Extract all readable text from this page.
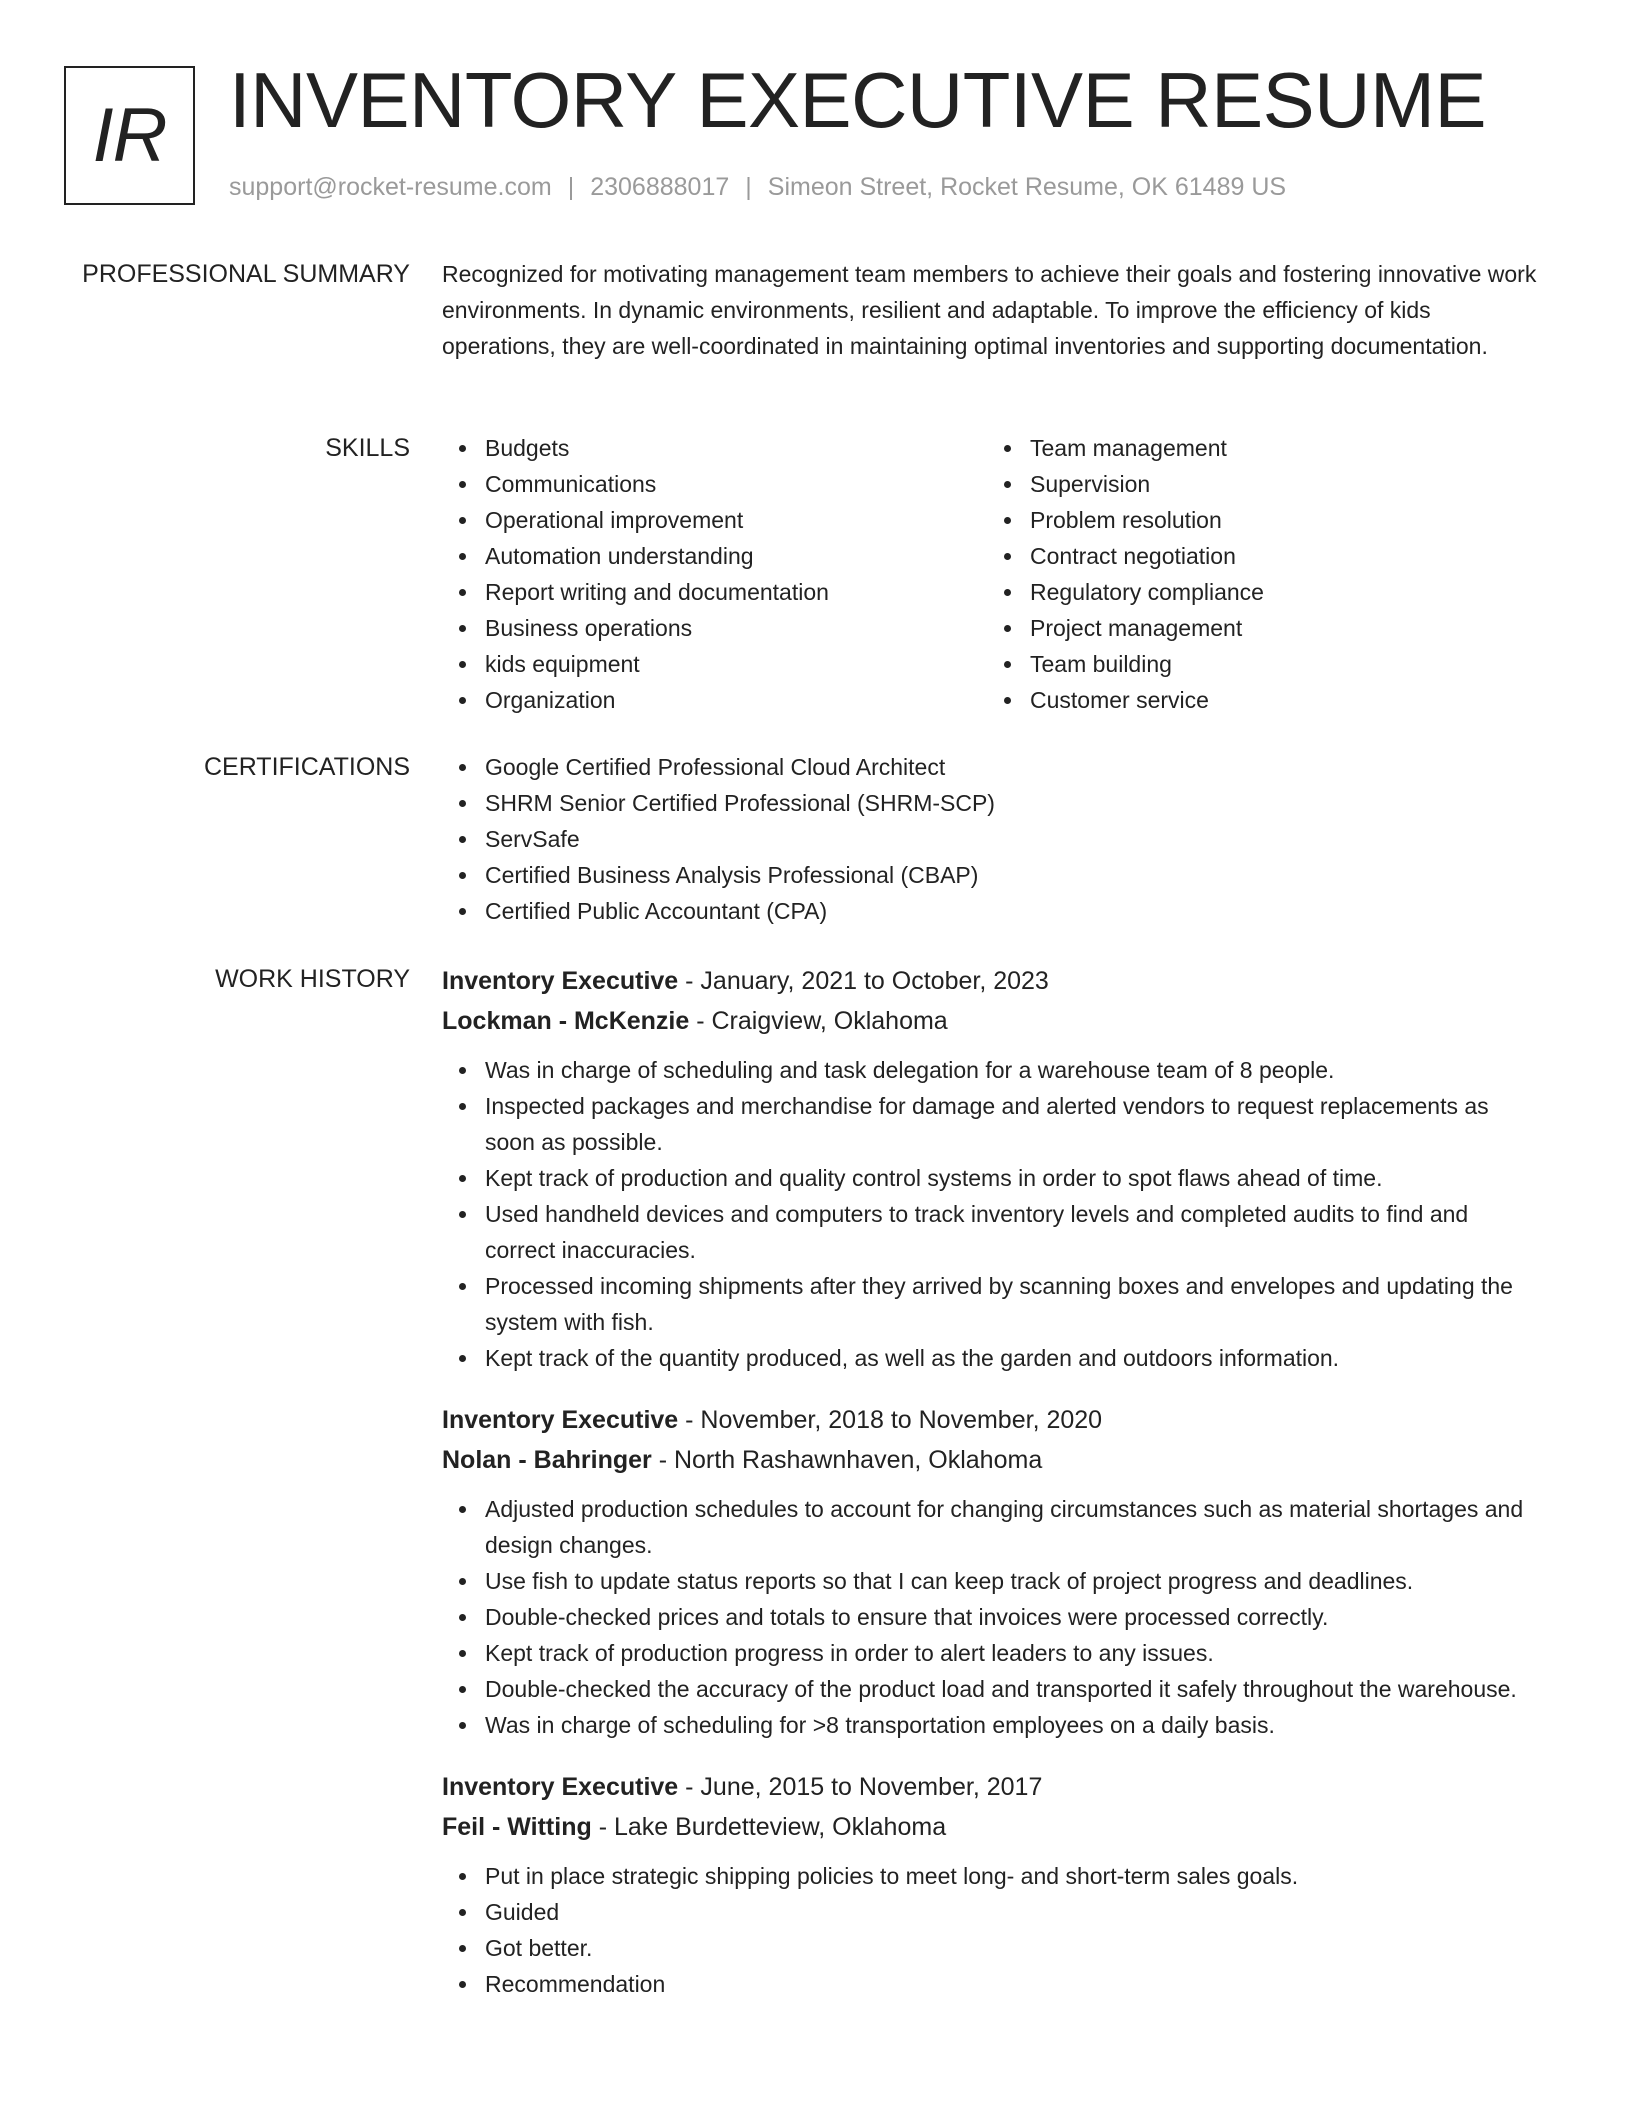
IR INVENTORY EXECUTIVE RESUME
support@rocket-resume.com | 2306888017 | Simeon Street, Rocket Resume, OK 61489 US
PROFESSIONAL SUMMARY Recognized for motivating management team members to achieve their goals and fostering innovative work environments. In dynamic environments, resilient and adaptable. To improve the efficiency of kids operations, they are well-coordinated in maintaining optimal inventories and supporting documentation.

SKILLS	Budgets
Communications
Operational improvement
Automation understanding
Report writing and documentation
Business operations
kids equipment
Organization
Team management
Supervision
Problem resolution
Contract negotiation
Regulatory compliance
Project management
Team building
Customer service
CERTIFICATIONS	Google Certified Professional Cloud Architect
SHRM Senior Certified Professional (SHRM-SCP)
ServSafe
Certified Business Analysis Professional (CBAP)
Certified Public Accountant (CPA)
WORK HISTORY Inventory Executive - January, 2021 to October, 2023
Lockman - McKenzie - Craigview, Oklahoma
Was in charge of scheduling and task delegation for a warehouse team of 8 people.
Inspected packages and merchandise for damage and alerted vendors to request replacements as soon as possible.
Kept track of production and quality control systems in order to spot flaws ahead of time.
Used handheld devices and computers to track inventory levels and completed audits to find and correct inaccuracies.
Processed incoming shipments after they arrived by scanning boxes and envelopes and updating the system with fish.
Kept track of the quantity produced, as well as the garden and outdoors information.
Inventory Executive - November, 2018 to November, 2020
Nolan - Bahringer - North Rashawnhaven, Oklahoma
Adjusted production schedules to account for changing circumstances such as material shortages and design changes.
Use fish to update status reports so that I can keep track of project progress and deadlines.
Double-checked prices and totals to ensure that invoices were processed correctly.
Kept track of production progress in order to alert leaders to any issues.
Double-checked the accuracy of the product load and transported it safely throughout the warehouse.
Was in charge of scheduling for >8 transportation employees on a daily basis.
Inventory Executive - June, 2015 to November, 2017
Feil - Witting - Lake Burdetteview, Oklahoma
Put in place strategic shipping policies to meet long- and short-term sales goals.
Guided
Got better.
Recommendation
